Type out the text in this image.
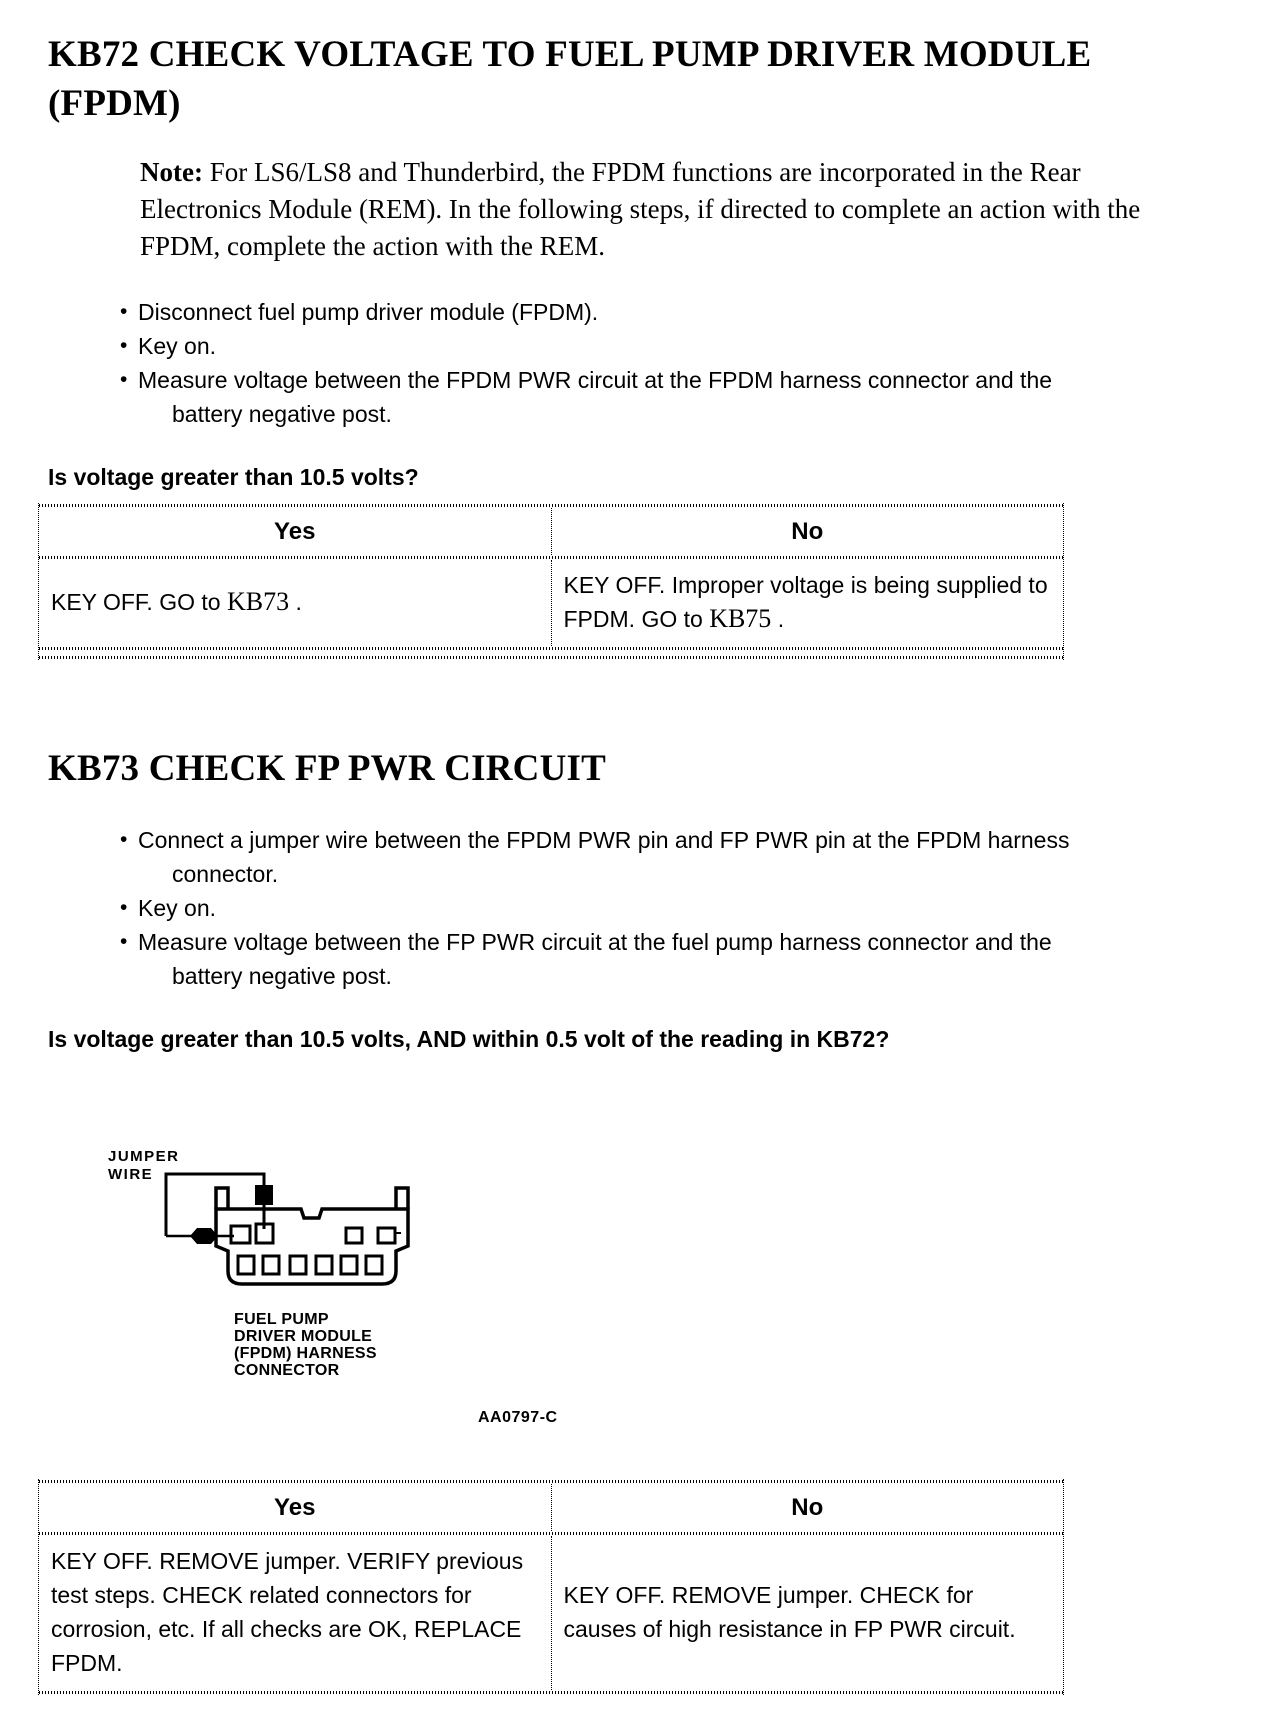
KB72 CHECK VOLTAGE TO FUEL PUMP DRIVER MODULE (FPDM)

Note: For LS6/LS8 and Thunderbird, the FPDM functions are incorporated in the Rear Electronics Module (REM). In the following steps, if directed to complete an action with the FPDM, complete the action with the REM.

• Disconnect fuel pump driver module (FPDM).
• Key on.
• Measure voltage between the FPDM PWR circuit at the FPDM harness connector and the battery negative post.
Is voltage greater than 10.5 volts?
Yes	No
KEY OFF. GO to KB73 .
KEY OFF. Improper voltage is being supplied to FPDM. GO to KB75 .
KB73 CHECK FP PWR CIRCUIT
• Connect a jumper wire between the FPDM PWR pin and FP PWR pin at the FPDM harness connector.
• Key on.
• Measure voltage between the FP PWR circuit at the fuel pump harness connector and the battery negative post.
Is voltage greater than 10.5 volts, AND within 0.5 volt of the reading in KB72?
JUMPER
WIRE
FUEL PUMP
DRIVER MODULE
(FPDM) HARNESS
CONNECTOR
AA0797-C
Yes	No
KEY OFF. REMOVE jumper. VERIFY previous test steps. CHECK related connectors for corrosion, etc. If all checks are OK, REPLACE FPDM.
KEY OFF. REMOVE jumper. CHECK for causes of high resistance in FP PWR circuit.
